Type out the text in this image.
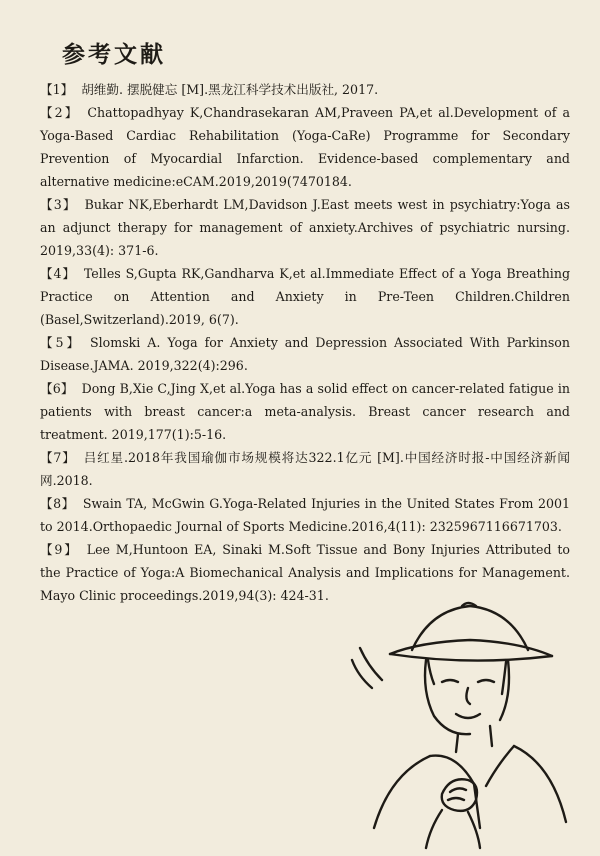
参考文献
【1】 胡维勤. 摆脱健忘 [M].黑龙江科学技术出版社, 2017.
【2】 Chattopadhyay K,Chandrasekaran AM,Praveen PA,et al.Development of a Yoga-Based Cardiac Rehabilitation (Yoga-CaRe) Programme for Secondary Prevention of Myocardial Infarction. Evidence-based complementary and alternative medicine:eCAM.2019,2019(7470184.
【3】 Bukar NK,Eberhardt LM,Davidson J.East meets west in psychiatry:Yoga as an adjunct therapy for management of anxiety.Archives of psychiatric nursing. 2019,33(4): 371-6.
【4】 Telles S,Gupta RK,Gandharva K,et al.Immediate Effect of a Yoga Breathing Practice on Attention and Anxiety in Pre-Teen Children.Children (Basel,Switzerland).2019, 6(7).
【5】 Slomski A. Yoga for Anxiety and Depression Associated With Parkinson Disease.JAMA. 2019,322(4):296.
【6】 Dong B,Xie C,Jing X,et al.Yoga has a solid effect on cancer-related fatigue in patients with breast cancer:a meta-analysis. Breast cancer research and treatment. 2019,177(1):5-16.
【7】 吕红星.2018年我国瑜伽市场规模将达322.1亿元 [M].中国经济时报-中国经济新闻网.2018.
【8】 Swain TA, McGwin G.Yoga-Related Injuries in the United States From 2001 to 2014.Orthopaedic Journal of Sports Medicine.2016,4(11): 2325967116671703.
【9】 Lee M,Huntoon EA, Sinaki M.Soft Tissue and Bony Injuries Attributed to the Practice of Yoga:A Biomechanical Analysis and Implications for Management. Mayo Clinic proceedings.2019,94(3): 424-31.
